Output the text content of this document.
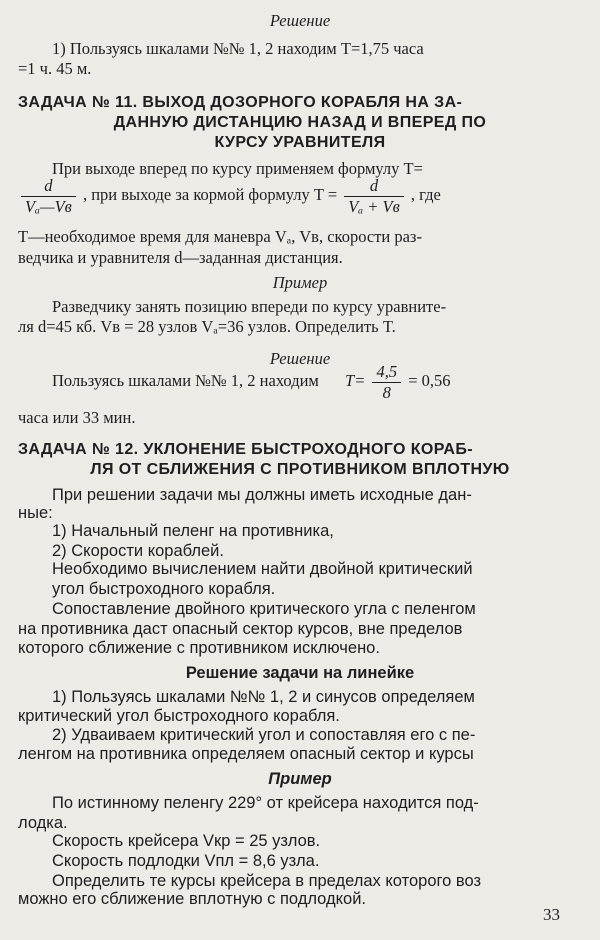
Решение
1) Пользуясь шкалами №№ 1, 2 находим T=1,75 часа
=1 ч. 45 м.
ЗАДАЧА № 11. ВЫХОД ДОЗОРНОГО КОРАБЛЯ НА ЗА-
ДАННУЮ ДИСТАНЦИЮ НАЗАД И ВПЕРЕД ПО
КУРСУ УРАВНИТЕЛЯ
При выходе вперед по курсу применяем формулу T=
$\frac{d}{\text{Vₐ—Vв}}$ , при выходе за кормой формулу $T = \frac{d}{\text{Vₐ + Vв}}$ , где
T—необходимое время для маневра Vₐ, Vв, скорости раз-
ведчика и уравнителя d—заданная дистанция.
Пример
Разведчику занять позицию впереди по курсу уравните-
ля d=45 кб. Vв = 28 узлов Vₐ=36 узлов. Определить T.
Решение
Пользуясь шкалами №№ 1, 2 находим $T= \frac{4,5}{8} = 0,56$
часа или 33 мин.
ЗАДАЧА № 12. УКЛОНЕНИЕ БЫСТРОХОДНОГО КОРАБ-
ЛЯ ОТ СБЛИЖЕНИЯ С ПРОТИВНИКОМ ВПЛОТНУЮ
При решении задачи мы должны иметь исходные дан-
ные:
1) Начальный пеленг на противника,
2) Скорости кораблей.
Необходимо вычислением найти двойной критический
угол быстроходного корабля.
Сопоставление двойного критического угла с пеленгом
на противника даст опасный сектор курсов, вне пределов
которого сближение с противником исключено.
Решение задачи на линейке
1) Пользуясь шкалами №№ 1, 2 и синусов определяем
критический угол быстроходного корабля.
2) Удваиваем критический угол и сопоставляя его с пе-
ленгом на противника определяем опасный сектор и курсы
Пример
По истинному пеленгу 229° от крейсера находится под-
лодка.
Скорость крейсера Vкр = 25 узлов.
Скорость подлодки Vпл = 8,6 узла.
Определить те курсы крейсера в пределах которого воз
можно его сближение вплотную с подлодкой.
33
